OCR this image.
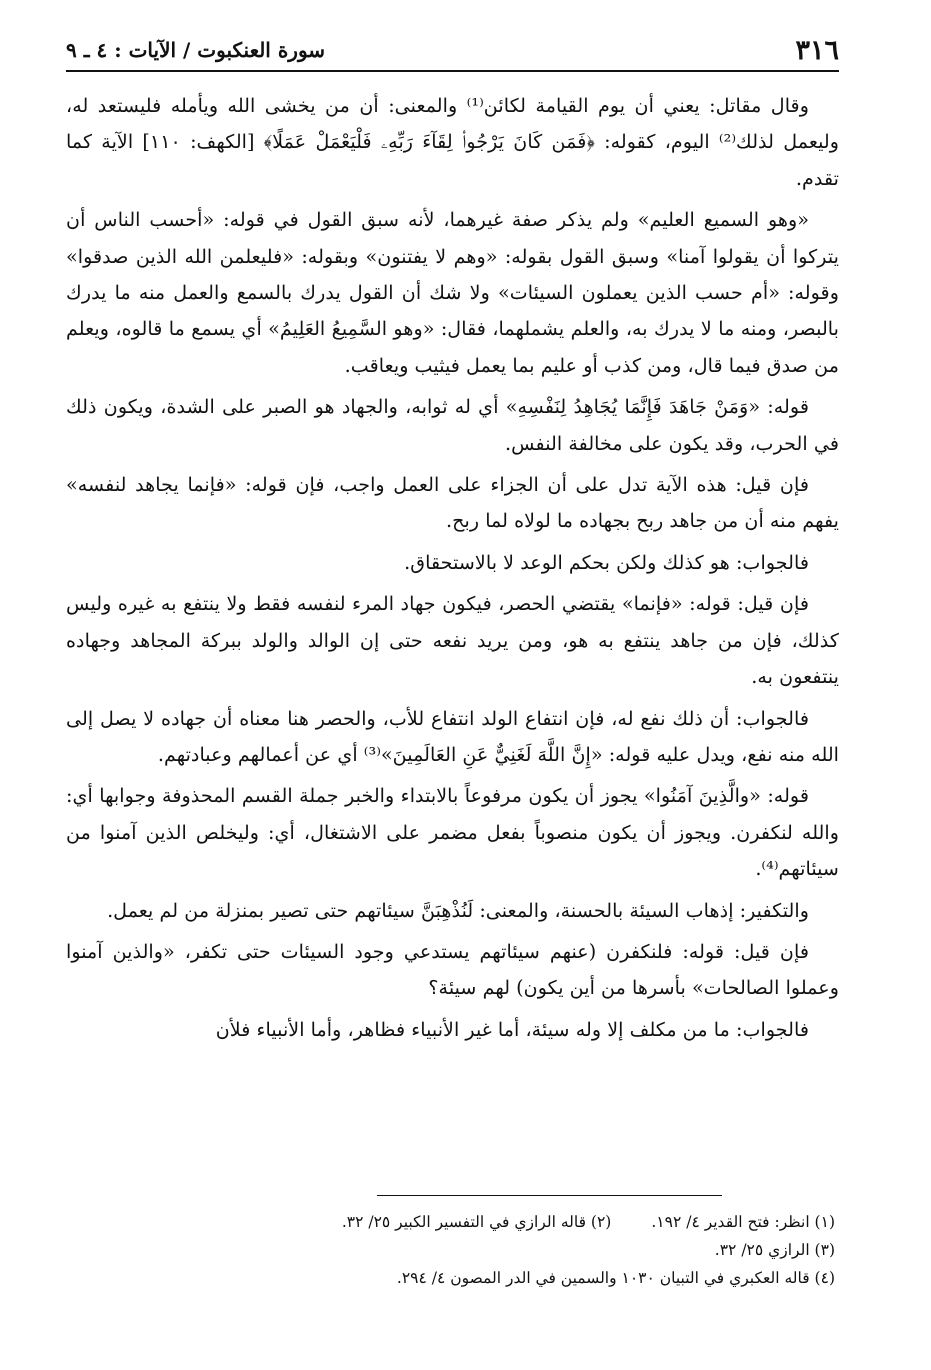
٣١٦
سورة العنكبوت / الآيات : ٤ ـ ٩

وقال مقاتل: يعني أن يوم القيامة لكائن⁽¹⁾ والمعنى: أن من يخشى الله ويأمله فليستعد له، وليعمل لذلك⁽²⁾ اليوم، كقوله: ﴿فَمَن كَانَ يَرْجُوا۟ لِقَآءَ رَبِّهِۦ فَلْيَعْمَلْ عَمَلًا﴾ [الكهف: ١١٠] الآية كما تقدم.

«وهو السميع العليم» ولم يذكر صفة غيرهما، لأنه سبق القول في قوله: «أحسب الناس أن يتركوا أن يقولوا آمنا» وسبق القول بقوله: «وهم لا يفتنون» وبقوله: «فليعلمن الله الذين صدقوا» وقوله: «أم حسب الذين يعملون السيئات» ولا شك أن القول يدرك بالسمع والعمل منه ما يدرك بالبصر، ومنه ما لا يدرك به، والعلم يشملهما، فقال: «وهو السَّمِيعُ العَلِيمُ» أي يسمع ما قالوه، ويعلم من صدق فيما قال، ومن كذب أو عليم بما يعمل فيثيب ويعاقب.

قوله: «وَمَنْ جَاهَدَ فَإِنَّمَا يُجَاهِدُ لِنَفْسِهِ» أي له ثوابه، والجهاد هو الصبر على الشدة، ويكون ذلك في الحرب، وقد يكون على مخالفة النفس.

فإن قيل: هذه الآية تدل على أن الجزاء على العمل واجب، فإن قوله: «فإنما يجاهد لنفسه» يفهم منه أن من جاهد ربح بجهاده ما لولاه لما ربح.

فالجواب: هو كذلك ولكن بحكم الوعد لا بالاستحقاق.

فإن قيل: قوله: «فإنما» يقتضي الحصر، فيكون جهاد المرء لنفسه فقط ولا ينتفع به غيره وليس كذلك، فإن من جاهد ينتفع به هو، ومن يريد نفعه حتى إن الوالد والولد ببركة المجاهد وجهاده ينتفعون به.

فالجواب: أن ذلك نفع له، فإن انتفاع الولد انتفاع للأب، والحصر هنا معناه أن جهاده لا يصل إلى الله منه نفع، ويدل عليه قوله: «إِنَّ اللَّهَ لَغَنِيٌّ عَنِ العَالَمِينَ»⁽³⁾ أي عن أعمالهم وعبادتهم.

قوله: «والَّذِينَ آمَنُوا» يجوز أن يكون مرفوعاً بالابتداء والخبر جملة القسم المحذوفة وجوابها أي: والله لنكفرن. ويجوز أن يكون منصوباً بفعل مضمر على الاشتغال، أي: وليخلص الذين آمنوا من سيئاتهم⁽⁴⁾.

والتكفير: إذهاب السيئة بالحسنة، والمعنى: لَنُذْهِبَنَّ سيئاتهم حتى تصير بمنزلة من لم يعمل.

فإن قيل: قوله: فلنكفرن (عنهم سيئاتهم يستدعي وجود السيئات حتى تكفر، «والذين آمنوا وعملوا الصالحات» بأسرها من أين يكون) لهم سيئة؟

فالجواب: ما من مكلف إلا وله سيئة، أما غير الأنبياء فظاهر، وأما الأنبياء فلأن

(١) انظر: فتح القدير ٤/ ١٩٢.
(٢) قاله الرازي في التفسير الكبير ٢٥/ ٣٢.
(٣) الرازي ٢٥/ ٣٢.
(٤) قاله العكبري في التبيان ١٠٣٠ والسمين في الدر المصون ٤/ ٢٩٤.
